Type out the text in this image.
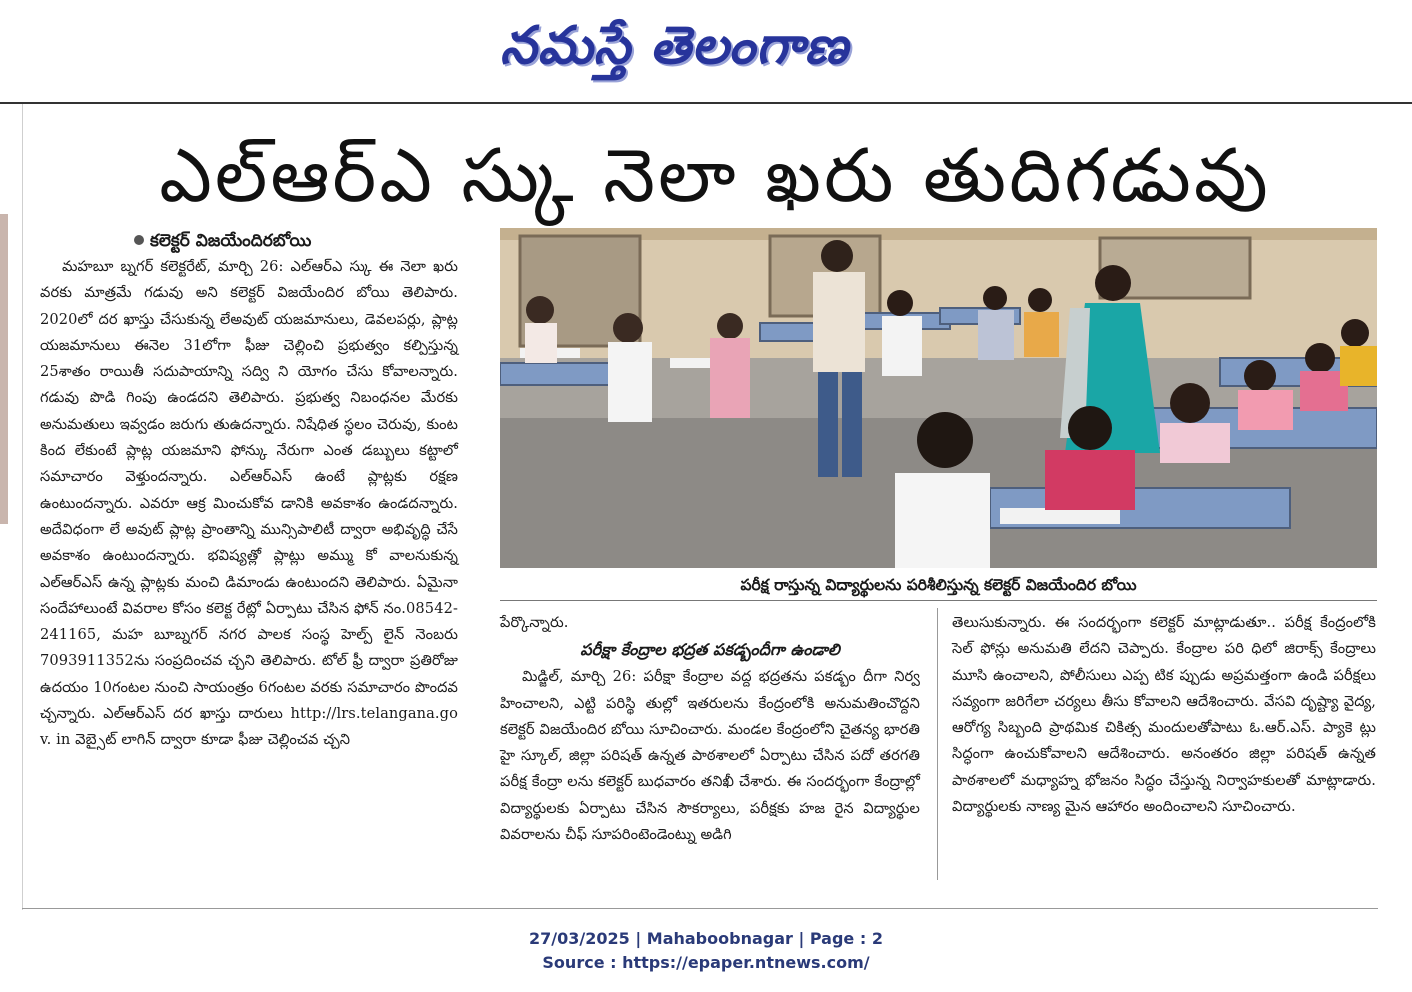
నమస్తే తెలంగాణ
ఎల్ఆర్ఎ స్కు నెలా ఖరు తుదిగడువు
కలెక్టర్ విజయేందిరబోయి

మహబూ బ్నగర్ కలెక్టరేట్, మార్చి 26: ఎల్ఆర్ఎ స్కు ఈ నెలా ఖరు వరకు మాత్రమే గడువు అని కలెక్టర్ విజయేందిర బోయి తెలిపారు. 2020లో దర ఖాస్తు చేసుకున్న లేఅవుట్ యజమానులు, డెవలపర్లు, ప్లాట్ల యజమానులు ఈనెల 31లోగా ఫీజు చెల్లించి ప్రభుత్వం కల్పిస్తున్న 25శాతం రాయితీ సదుపాయాన్ని సద్వి ని యోగం చేసు కోవాలన్నారు. గడువు పొడి గింపు ఉండదని తెలిపారు. ప్రభుత్వ నిబంధనల మేరకు అనుమతులు ఇవ్వడం జరుగు తుఉదన్నారు. నిషేధిత స్థలం చెరువు, కుంట కింద లేకుంటే ప్లాట్ల యజమాని ఫోన్కు నేరుగా ఎంత డబ్బులు కట్టాలో సమాచారం వెళ్తుందన్నారు. ఎల్ఆర్ఎస్ ఉంటే ప్లాట్లకు రక్షణ ఉంటుందన్నారు. ఎవరూ ఆక్ర మించుకోవ డానికి అవకాశం ఉండదన్నారు. అదేవిధంగా లే అవుట్ ప్లాట్ల ప్రాంతాన్ని మున్సిపాలిటీ ద్వారా అభివృద్ధి చేసే అవకాశం ఉంటుందన్నారు. భవిష్యత్లో ప్లాట్లు అమ్ము కో వాలనుకున్న ఎల్ఆర్ఎస్ ఉన్న ప్లాట్లకు మంచి డిమాండు ఉంటుందని తెలిపారు. ఏమైనా సందేహాలుంటే వివరాల కోసం కలెక్ట రేట్లో ఏర్పాటు చేసిన ఫోన్ నం.08542-241165, మహ బూబ్నగర్ నగర పాలక సంస్థ హెల్ప్ లైన్ నెంబరు 7093911352ను సంప్రదించవ చ్చని తెలిపారు. టోల్ ఫ్రీ ద్వారా ప్రతిరోజు ఉదయం 10గంటల నుంచి సాయంత్రం 6గంటల వరకు సమాచారం పొందవ చ్చన్నారు. ఎల్ఆర్ఎస్ దర ఖాస్తు దారులు http://lrs.telangana.go v. in వెబ్సైట్ లాగిన్ ద్వారా కూడా ఫీజు చెల్లించవ చ్చని

పరీక్ష రాస్తున్న విద్యార్థులను పరిశీలిస్తున్న కలెక్టర్ విజయేందిర బోయి

పేర్కొన్నారు.

పరీక్షా కేంద్రాల భద్రత పకడ్బందీగా ఉండాలి

మిడ్జిల్, మార్చి 26: పరీక్షా కేంద్రాల వద్ద భద్రతను పకడ్బం దీగా నిర్వ హించాలని, ఎట్టి పరిస్థి తుల్లో ఇతరులను కేంద్రంలోకి అనుమతించొద్దని కలెక్టర్ విజయేందిర బోయి సూచించారు. మండల కేంద్రంలోని చైతన్య భారతి హై స్కూల్, జిల్లా పరిషత్ ఉన్నత పాఠశాలలో ఏర్పాటు చేసిన పదో తరగతి పరీక్ష కేంద్రా లను కలెక్టర్ బుధవారం తనిఖీ చేశారు. ఈ సందర్భంగా కేంద్రాల్లో విద్యార్థులకు ఏర్పాటు చేసిన సౌకర్యాలు, పరీక్షకు హజ రైన విద్యార్థుల వివరాలను చీఫ్ సూపరింటెండెంట్ను అడిగి

తెలుసుకున్నారు. ఈ సందర్భంగా కలెక్టర్ మాట్లాడుతూ.. పరీక్ష కేంద్రంలోకి సెల్ ఫోన్లు అనుమతి లేదని చెప్పారు. కేంద్రాల పరి ధిలో జిరాక్స్ కేంద్రాలు మూసి ఉంచాలని, పోలీసులు ఎప్ప టిక ప్పుడు అప్రమత్తంగా ఉండి పరీక్షలు సవ్యంగా జరిగేలా చర్యలు తీసు కోవాలని ఆదేశించారు. వేసవి దృష్ట్యా వైద్య, ఆరోగ్య సిబ్బంది ప్రాథమిక చికిత్స మందులతోపాటు ఓ.ఆర్.ఎస్. ప్యాకె ట్లు సిద్ధంగా ఉంచుకోవాలని ఆదేశించారు. అనంతరం జిల్లా పరిషత్ ఉన్నత పాఠశాలలో మధ్యాహ్న భోజనం సిద్ధం చేస్తున్న నిర్వాహకులతో మాట్లాడారు. విద్యార్థులకు నాణ్య మైన ఆహారం అందించాలని సూచించారు.

27/03/2025 | Mahaboobnagar | Page : 2
Source : https://epaper.ntnews.com/
